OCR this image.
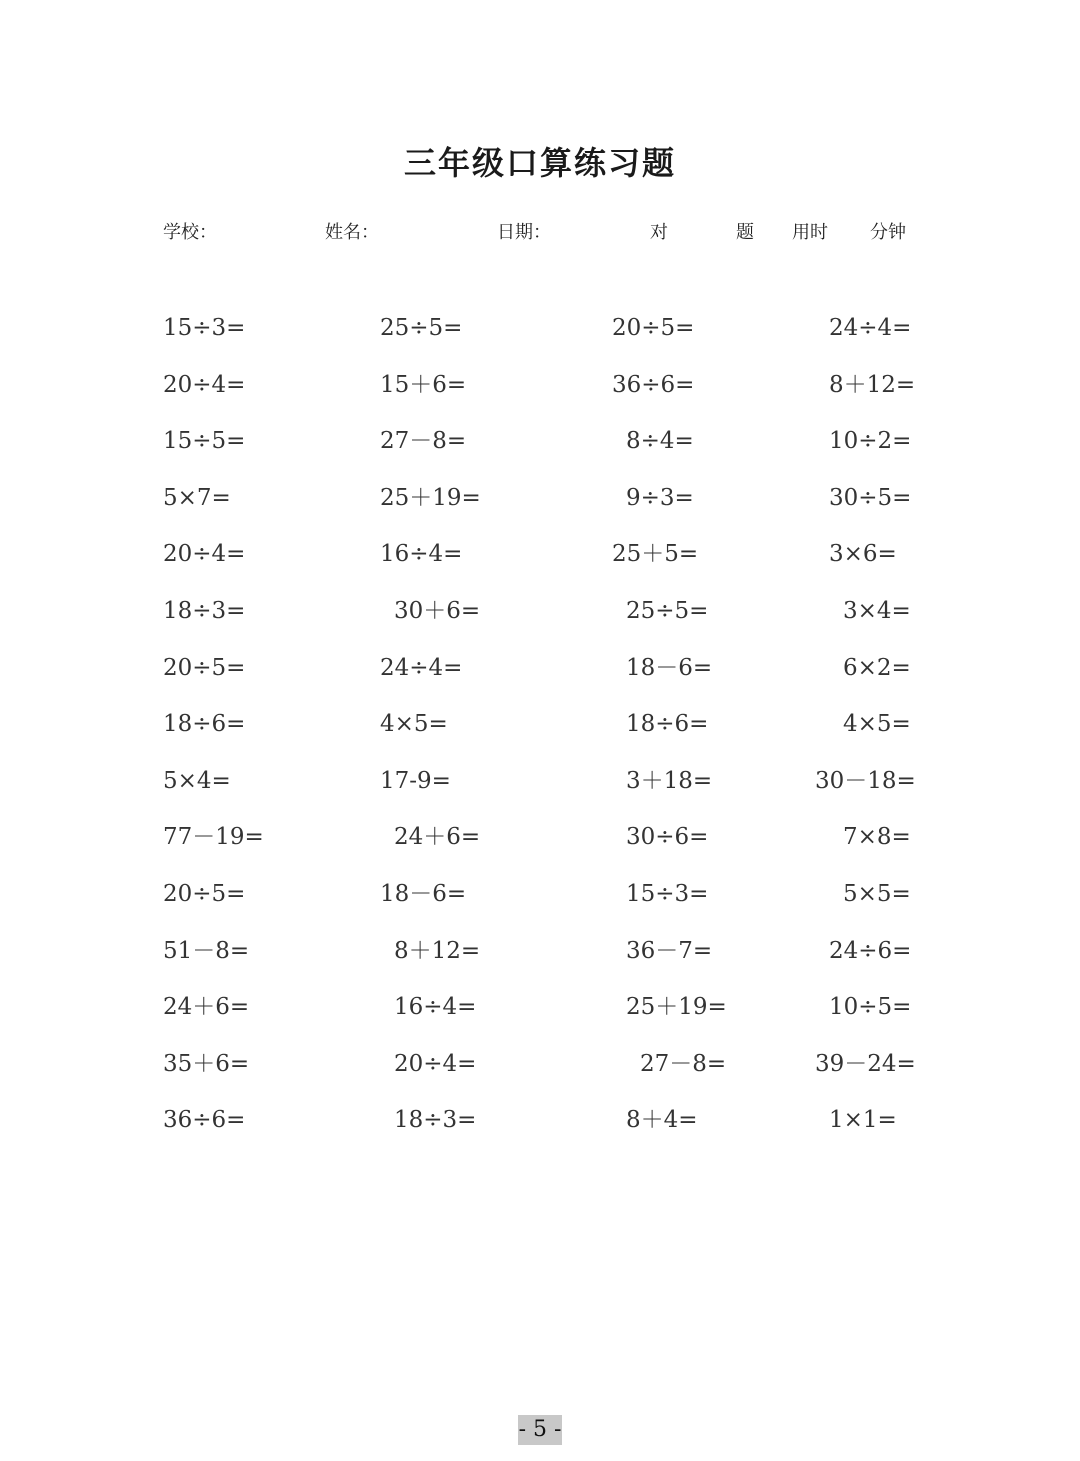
三年级口算练习题
学校：	姓名：	日期：	对	题 用时 分钟
15÷3=	25÷5=	20÷5=	24÷4=
20÷4=	15＋6=	36÷6=	8＋12=
15÷5=	27－8=	8÷4=	10÷2=
5×7=	25＋19=	9÷3=	30÷5=
20÷4=	16÷4=	25＋5=	3×6=
18÷3=	30＋6=	25÷5=	3×4=
20÷5=	24÷4=	18－6=	6×2=
18÷6=	4×5=	18÷6=	4×5=
5×4=	17-9=	3＋18=	30－18=
77－19=	24＋6=	30÷6=	7×8=
20÷5=	18－6=	15÷3=	5×5=
51－8=	8＋12=	36－7=	24÷6=
24＋6=	16÷4=	25＋19=	10÷5=
35＋6=	20÷4=	27－8=	39－24=
36÷6=	18÷3=	8＋4=	1×1=
- 5 -
